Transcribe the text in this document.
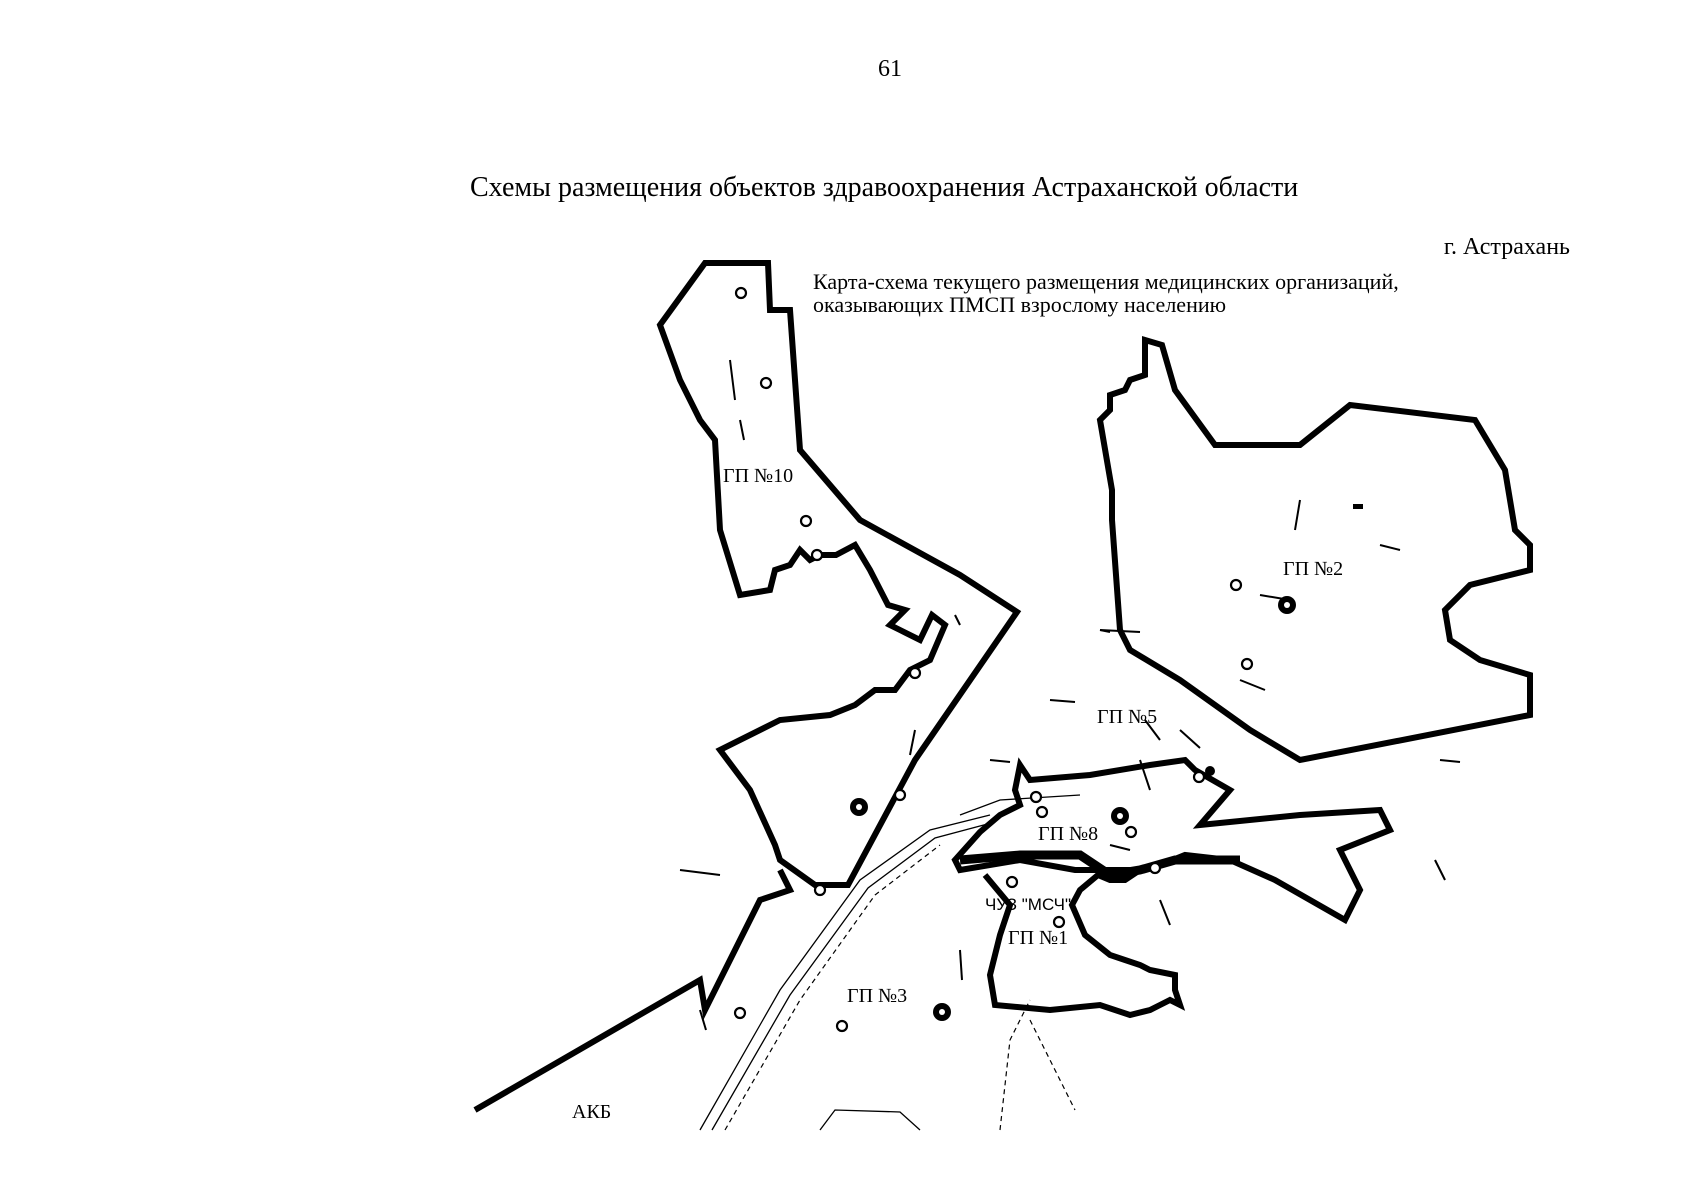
61
Схемы размещения объектов здравоохранения Астраханской области
г. Астрахань
Карта-схема текущего размещения медицинских организаций,
оказывающих ПМСП взрослому населению
ГП №10
ГП №2
ГП №5
ГП №8
ЧУЗ "МСЧ"
ГП №1
ГП №3
АКБ
